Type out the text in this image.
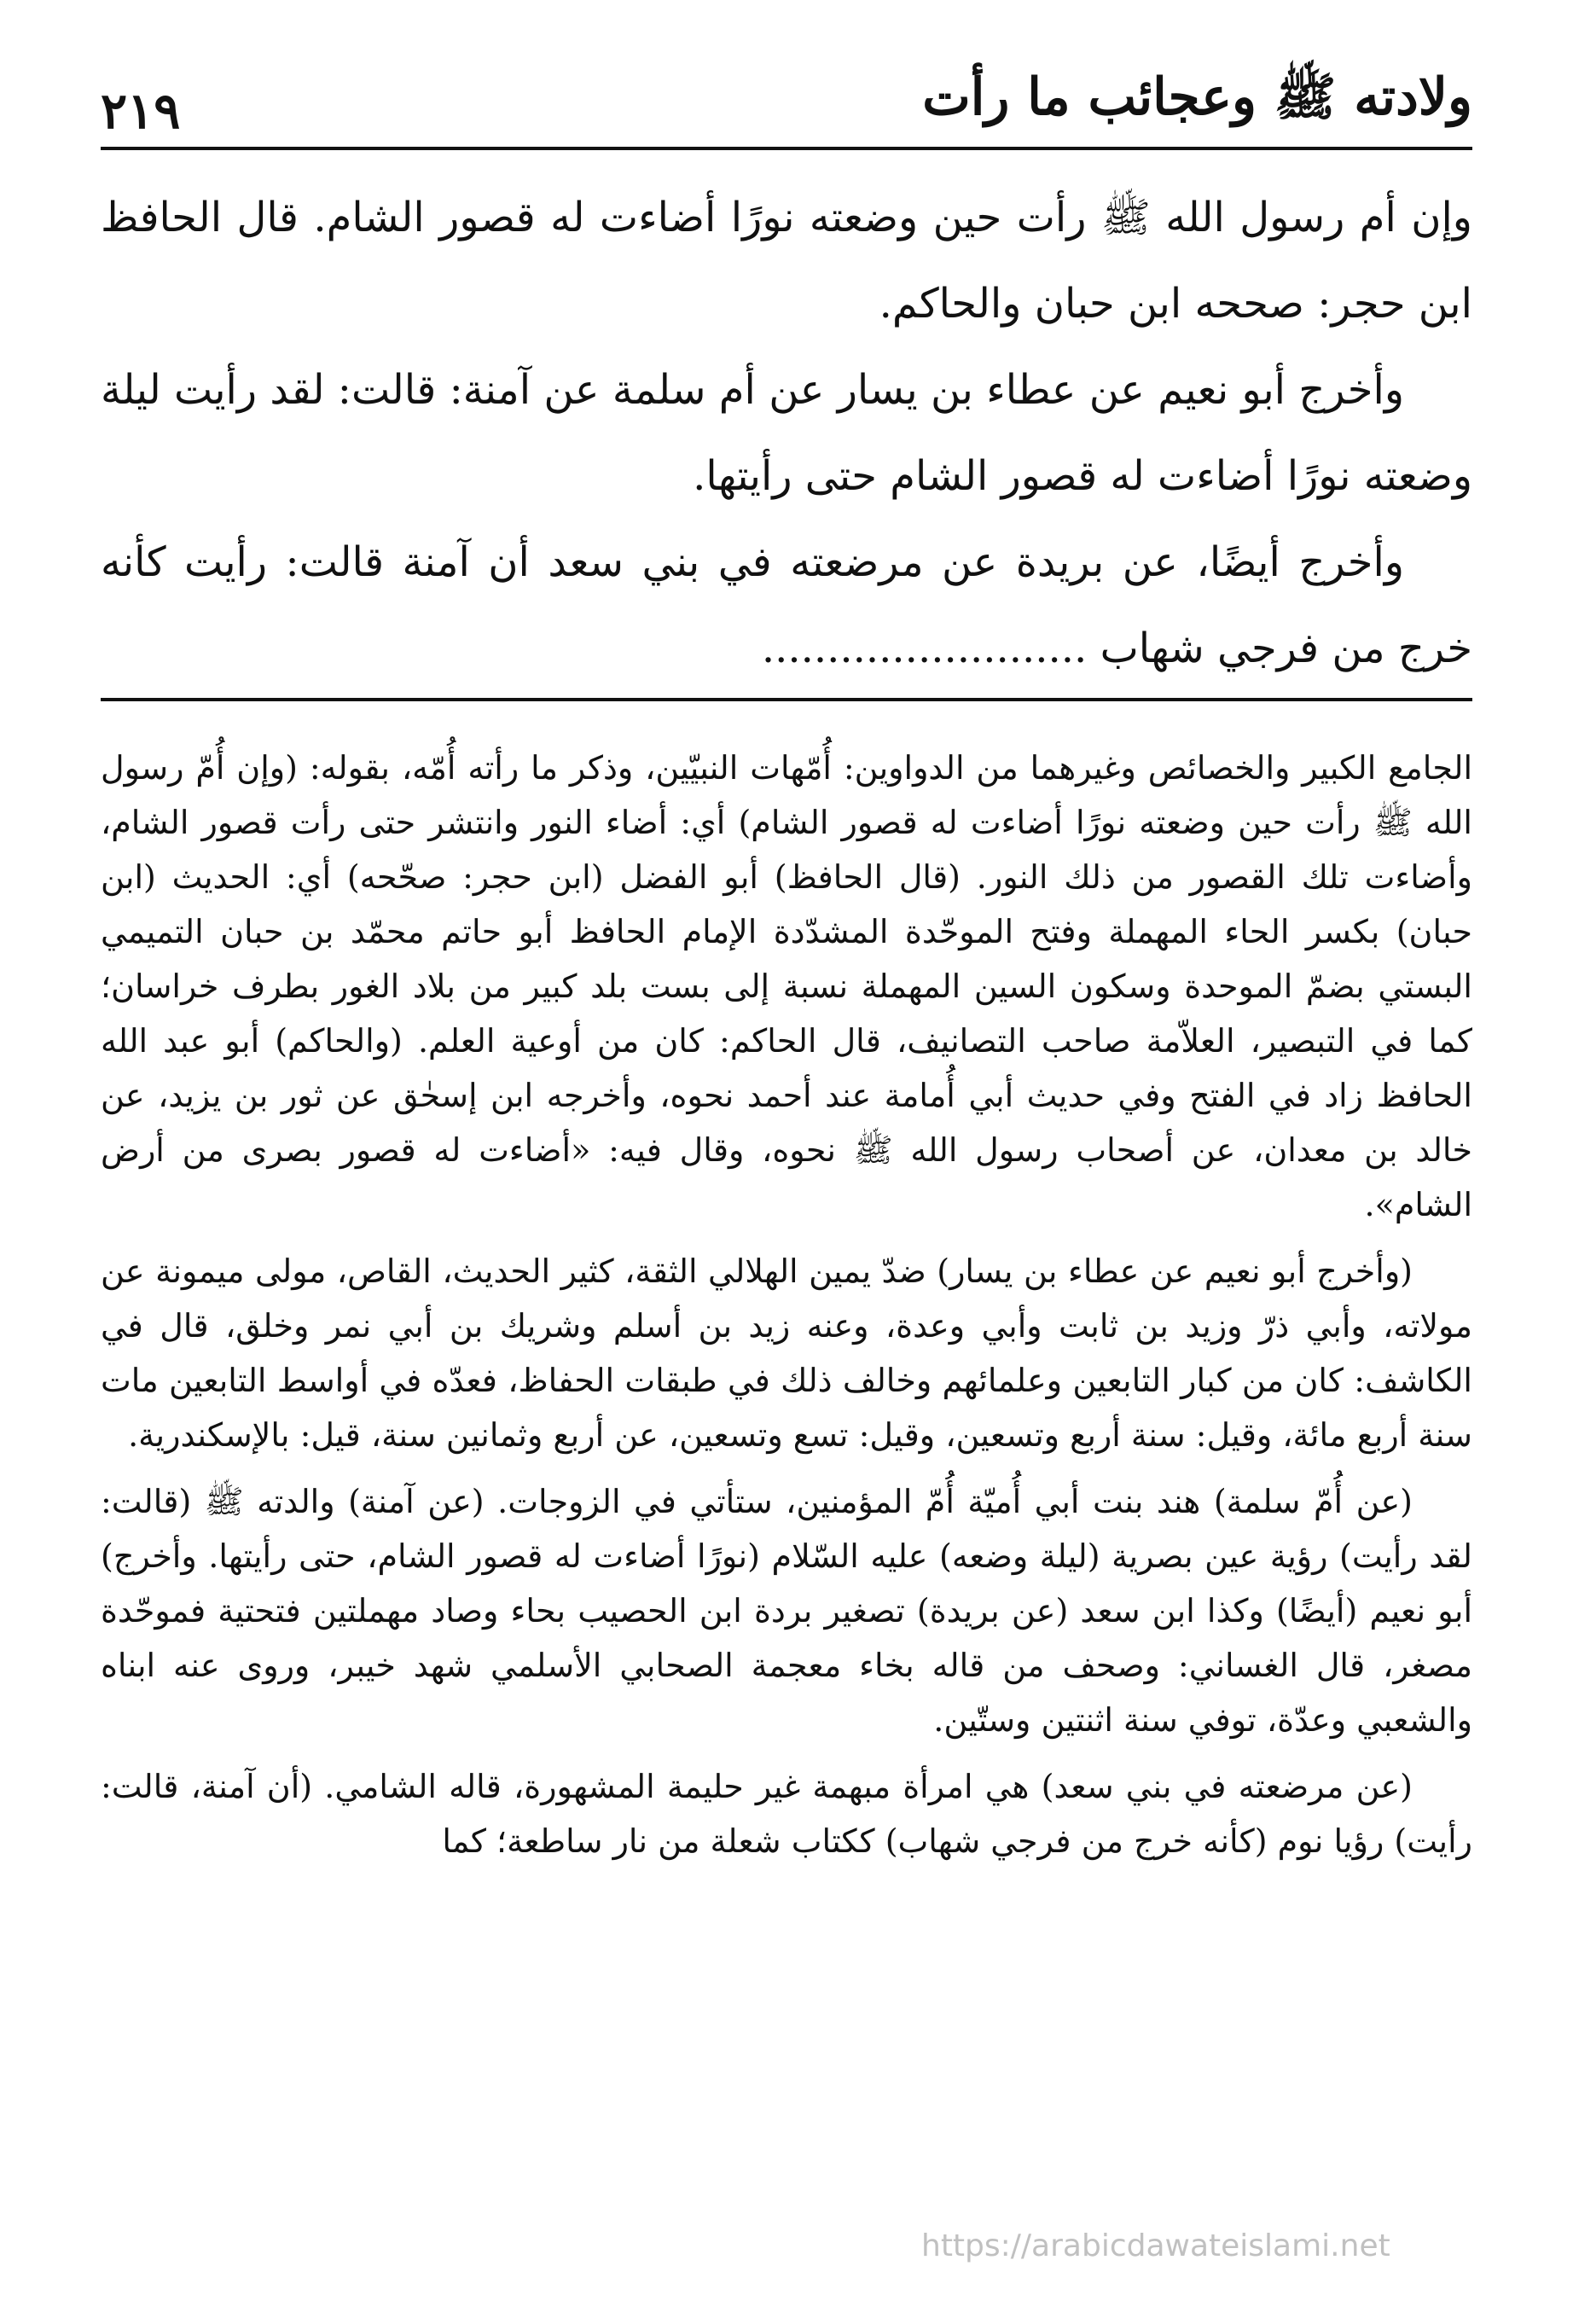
ولادته ﷺ وعجائب ما رأت
٢١٩

وإن أم رسول الله ﷺ رأت حين وضعته نورًا أضاءت له قصور الشام. قال الحافظ ابن حجر: صححه ابن حبان والحاكم.

وأخرج أبو نعيم عن عطاء بن يسار عن أم سلمة عن آمنة: قالت: لقد رأيت ليلة وضعته نورًا أضاءت له قصور الشام حتى رأيتها.

وأخرج أيضًا، عن بريدة عن مرضعته في بني سعد أن آمنة قالت: رأيت كأنه خرج من فرجي شهاب .........................

الجامع الكبير والخصائص وغيرهما من الدواوين: أُمّهات النبيّين، وذكر ما رأته أُمّه، بقوله: (وإن أُمّ رسول الله ﷺ رأت حين وضعته نورًا أضاءت له قصور الشام) أي: أضاء النور وانتشر حتى رأت قصور الشام، وأضاءت تلك القصور من ذلك النور. (قال الحافظ) أبو الفضل (ابن حجر: صحّحه) أي: الحديث (ابن حبان) بكسر الحاء المهملة وفتح الموحّدة المشدّدة الإمام الحافظ أبو حاتم محمّد بن حبان التميمي البستي بضمّ الموحدة وسكون السين المهملة نسبة إلى بست بلد كبير من بلاد الغور بطرف خراسان؛ كما في التبصير، العلاّمة صاحب التصانيف، قال الحاكم: كان من أوعية العلم. (والحاكم) أبو عبد الله الحافظ زاد في الفتح وفي حديث أبي أُمامة عند أحمد نحوه، وأخرجه ابن إسحٰق عن ثور بن يزيد، عن خالد بن معدان، عن أصحاب رسول الله ﷺ نحوه، وقال فيه: «أضاءت له قصور بصرى من أرض الشام».

(وأخرج أبو نعيم عن عطاء بن يسار) ضدّ يمين الهلالي الثقة، كثير الحديث، القاص، مولى ميمونة عن مولاته، وأبي ذرّ وزيد بن ثابت وأبي وعدة، وعنه زيد بن أسلم وشريك بن أبي نمر وخلق، قال في الكاشف: كان من كبار التابعين وعلمائهم وخالف ذلك في طبقات الحفاظ، فعدّه في أواسط التابعين مات سنة أربع مائة، وقيل: سنة أربع وتسعين، وقيل: تسع وتسعين، عن أربع وثمانين سنة، قيل: بالإسكندرية.

(عن أُمّ سلمة) هند بنت أبي أُميّة أُمّ المؤمنين، ستأتي في الزوجات. (عن آمنة) والدته ﷺ (قالت: لقد رأيت) رؤية عين بصرية (ليلة وضعه) عليه السّلام (نورًا أضاءت له قصور الشام، حتى رأيتها. وأخرج) أبو نعيم (أيضًا) وكذا ابن سعد (عن بريدة) تصغير بردة ابن الحصيب بحاء وصاد مهملتين فتحتية فموحّدة مصغر، قال الغساني: وصحف من قاله بخاء معجمة الصحابي الأسلمي شهد خيبر، وروى عنه ابناه والشعبي وعدّة، توفي سنة اثنتين وستّين.

(عن مرضعته في بني سعد) هي امرأة مبهمة غير حليمة المشهورة، قاله الشامي. (أن آمنة، قالت: رأيت) رؤيا نوم (كأنه خرج من فرجي شهاب) ككتاب شعلة من نار ساطعة؛ كما

https://arabicdawateislami.net
